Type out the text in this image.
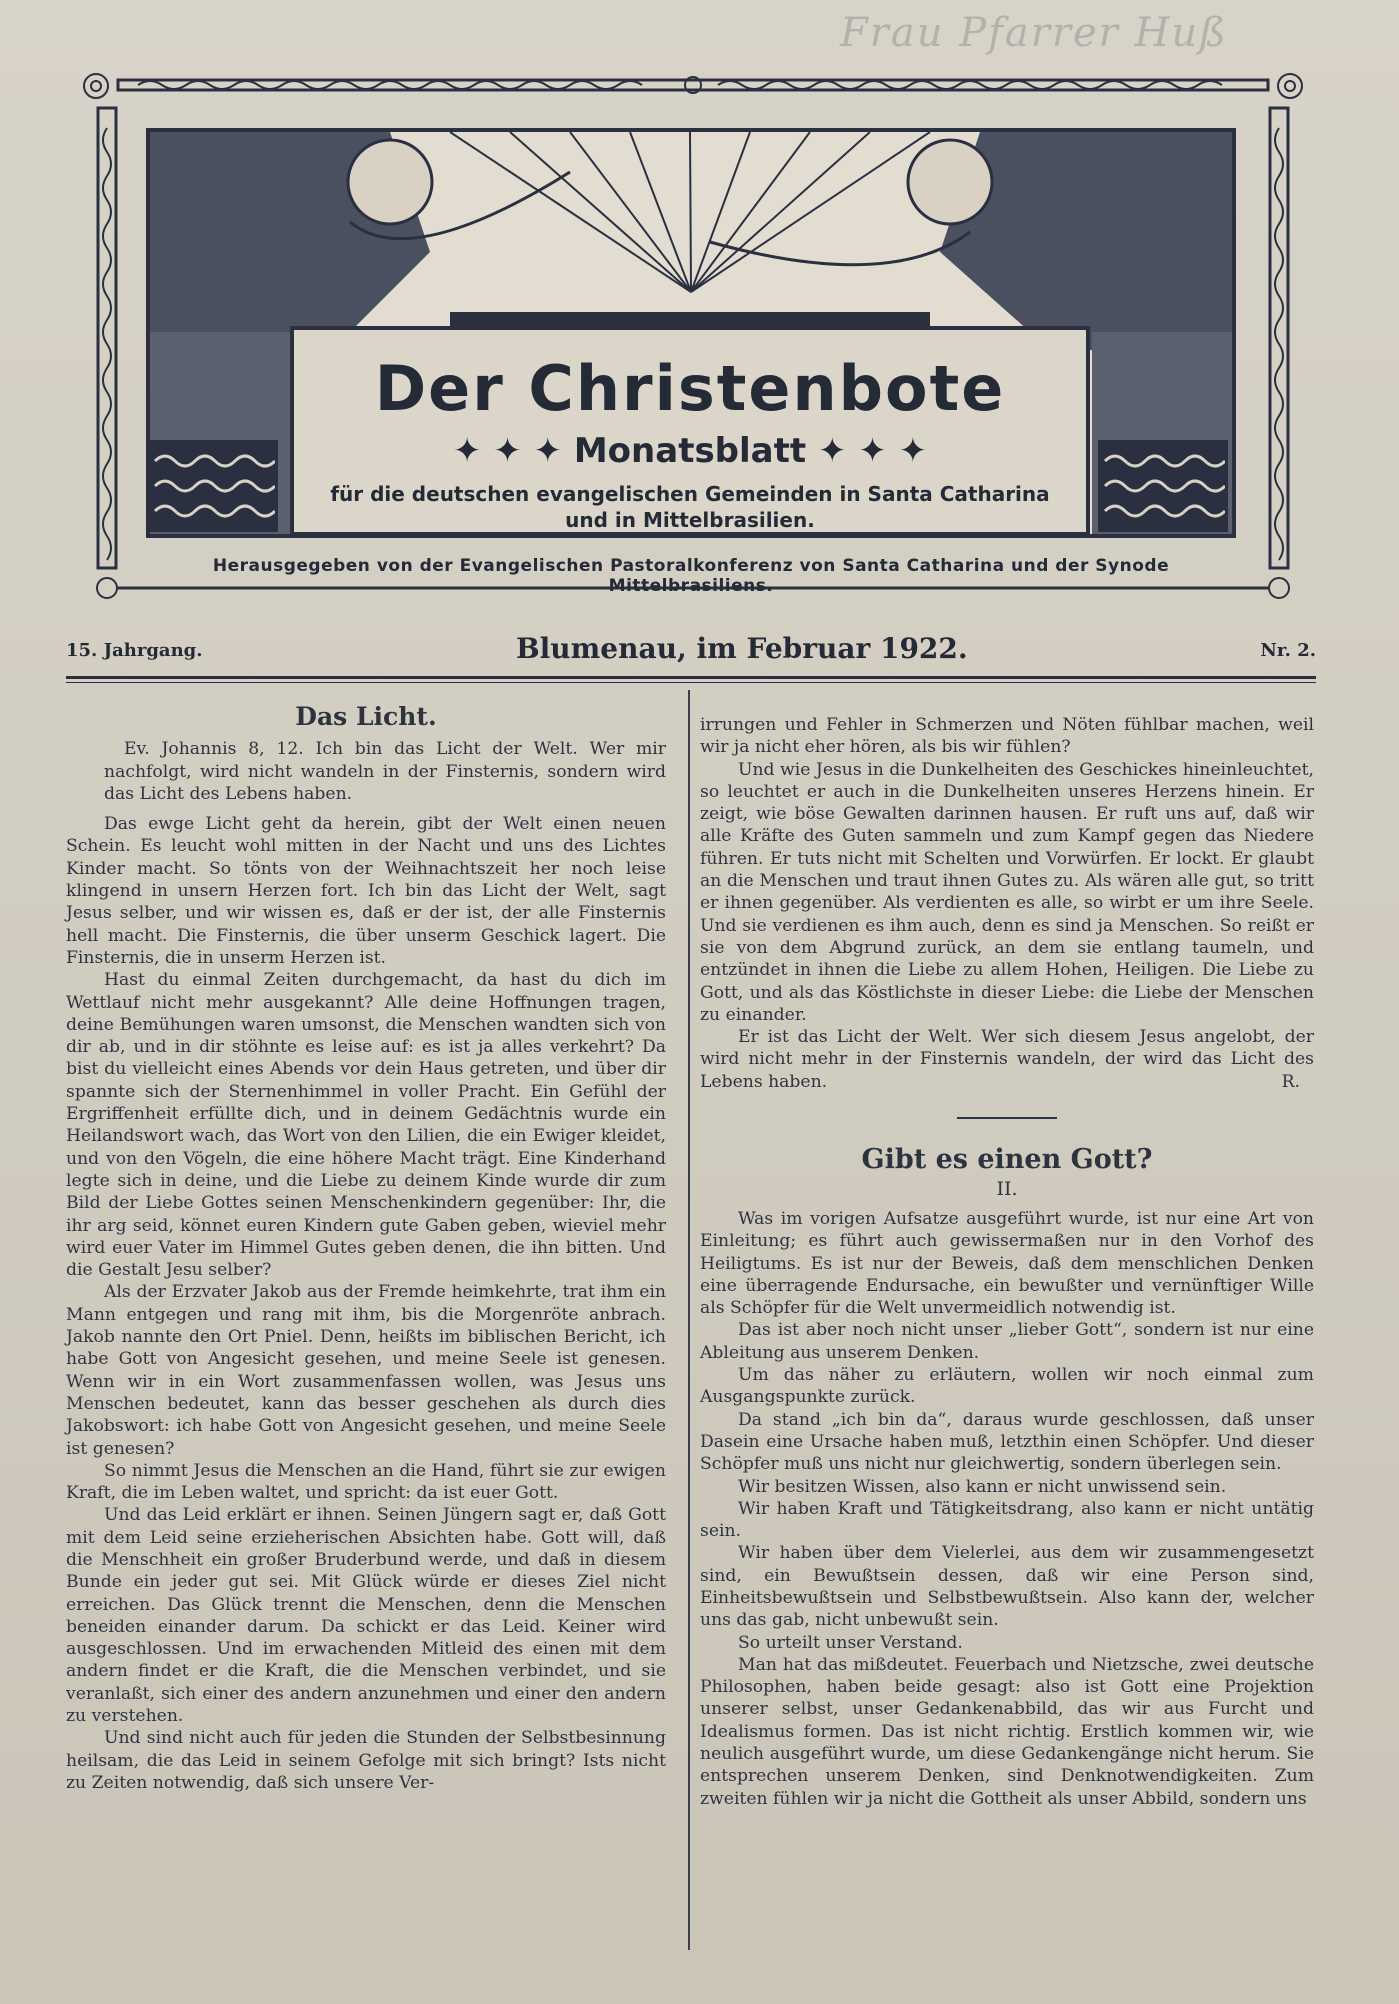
Frau Pfarrer Huß
Der Christenbote
✦ ✦ ✦ Monatsblatt ✦ ✦ ✦
für die deutschen evangelischen Gemeinden in Santa Catharina
und in Mittelbrasilien.
Herausgegeben von der Evangelischen Pastoralkonferenz von Santa Catharina und der Synode Mittelbrasiliens.
15. Jahrgang.	Blumenau, im Februar 1922.	Nr. 2.
Das Licht.
Ev. Johannis 8, 12. Ich bin das Licht der Welt. Wer mir nachfolgt, wird nicht wandeln in der Finsternis, sondern wird das Licht des Lebens haben.

Das ewge Licht geht da herein, gibt der Welt einen neuen Schein. Es leucht wohl mitten in der Nacht und uns des Lichtes Kinder macht. So tönts von der Weihnachtszeit her noch leise klingend in unsern Herzen fort. Ich bin das Licht der Welt, sagt Jesus selber, und wir wissen es, daß er der ist, der alle Finsternis hell macht. Die Finsternis, die über unserm Geschick lagert. Die Finsternis, die in unserm Herzen ist.

Hast du einmal Zeiten durchgemacht, da hast du dich im Wettlauf nicht mehr ausgekannt? Alle deine Hoffnungen tragen, deine Bemühungen waren umsonst, die Menschen wandten sich von dir ab, und in dir stöhnte es leise auf: es ist ja alles verkehrt? Da bist du vielleicht eines Abends vor dein Haus getreten, und über dir spannte sich der Sternenhimmel in voller Pracht. Ein Gefühl der Ergriffenheit erfüllte dich, und in deinem Gedächtnis wurde ein Heilandswort wach, das Wort von den Lilien, die ein Ewiger kleidet, und von den Vögeln, die eine höhere Macht trägt. Eine Kinderhand legte sich in deine, und die Liebe zu deinem Kinde wurde dir zum Bild der Liebe Gottes seinen Menschenkindern gegenüber: Ihr, die ihr arg seid, könnet euren Kindern gute Gaben geben, wieviel mehr wird euer Vater im Himmel Gutes geben denen, die ihn bitten. Und die Gestalt Jesu selber?

Als der Erzvater Jakob aus der Fremde heimkehrte, trat ihm ein Mann entgegen und rang mit ihm, bis die Morgenröte anbrach. Jakob nannte den Ort Pniel. Denn, heißts im biblischen Bericht, ich habe Gott von Angesicht gesehen, und meine Seele ist genesen. Wenn wir in ein Wort zusammenfassen wollen, was Jesus uns Menschen bedeutet, kann das besser geschehen als durch dies Jakobswort: ich habe Gott von Angesicht gesehen, und meine Seele ist genesen?

So nimmt Jesus die Menschen an die Hand, führt sie zur ewigen Kraft, die im Leben waltet, und spricht: da ist euer Gott.

Und das Leid erklärt er ihnen. Seinen Jüngern sagt er, daß Gott mit dem Leid seine erzieherischen Absichten habe. Gott will, daß die Menschheit ein großer Bruderbund werde, und daß in diesem Bunde ein jeder gut sei. Mit Glück würde er dieses Ziel nicht erreichen. Das Glück trennt die Menschen, denn die Menschen beneiden einander darum. Da schickt er das Leid. Keiner wird ausgeschlossen. Und im erwachenden Mitleid des einen mit dem andern findet er die Kraft, die die Menschen verbindet, und sie veranlaßt, sich einer des andern anzunehmen und einer den andern zu verstehen.

Und sind nicht auch für jeden die Stunden der Selbstbesinnung heilsam, die das Leid in seinem Gefolge mit sich bringt? Ists nicht zu Zeiten notwendig, daß sich unsere Ver-

irrungen und Fehler in Schmerzen und Nöten fühlbar machen, weil wir ja nicht eher hören, als bis wir fühlen?

Und wie Jesus in die Dunkelheiten des Geschickes hineinleuchtet, so leuchtet er auch in die Dunkelheiten unseres Herzens hinein. Er zeigt, wie böse Gewalten darinnen hausen. Er ruft uns auf, daß wir alle Kräfte des Guten sammeln und zum Kampf gegen das Niedere führen. Er tuts nicht mit Schelten und Vorwürfen. Er lockt. Er glaubt an die Menschen und traut ihnen Gutes zu. Als wären alle gut, so tritt er ihnen gegenüber. Als verdienten es alle, so wirbt er um ihre Seele. Und sie verdienen es ihm auch, denn es sind ja Menschen. So reißt er sie von dem Abgrund zurück, an dem sie entlang taumeln, und entzündet in ihnen die Liebe zu allem Hohen, Heiligen. Die Liebe zu Gott, und als das Köstlichste in dieser Liebe: die Liebe der Menschen zu einander.

Er ist das Licht der Welt. Wer sich diesem Jesus angelobt, der wird nicht mehr in der Finsternis wandeln, der wird das Licht des Lebens haben.	R.
Gibt es einen Gott?
II.

Was im vorigen Aufsatze ausgeführt wurde, ist nur eine Art von Einleitung; es führt auch gewissermaßen nur in den Vorhof des Heiligtums. Es ist nur der Beweis, daß dem menschlichen Denken eine überragende Endursache, ein bewußter und vernünftiger Wille als Schöpfer für die Welt unvermeidlich notwendig ist.

Das ist aber noch nicht unser „lieber Gott“, sondern ist nur eine Ableitung aus unserem Denken.

Um das näher zu erläutern, wollen wir noch einmal zum Ausgangspunkte zurück.

Da stand „ich bin da“, daraus wurde geschlossen, daß unser Dasein eine Ursache haben muß, letzthin einen Schöpfer. Und dieser Schöpfer muß uns nicht nur gleichwertig, sondern überlegen sein.

Wir besitzen Wissen, also kann er nicht unwissend sein.

Wir haben Kraft und Tätigkeitsdrang, also kann er nicht untätig sein.

Wir haben über dem Vielerlei, aus dem wir zusammengesetzt sind, ein Bewußtsein dessen, daß wir eine Person sind, Einheitsbewußtsein und Selbstbewußtsein. Also kann der, welcher uns das gab, nicht unbewußt sein.

So urteilt unser Verstand.

Man hat das mißdeutet. Feuerbach und Nietzsche, zwei deutsche Philosophen, haben beide gesagt: also ist Gott eine Projektion unserer selbst, unser Gedankenabbild, das wir aus Furcht und Idealismus formen. Das ist nicht richtig. Erstlich kommen wir, wie neulich ausgeführt wurde, um diese Gedankengänge nicht herum. Sie entsprechen unserem Denken, sind Denknotwendigkeiten. Zum zweiten fühlen wir ja nicht die Gottheit als unser Abbild, sondern uns
